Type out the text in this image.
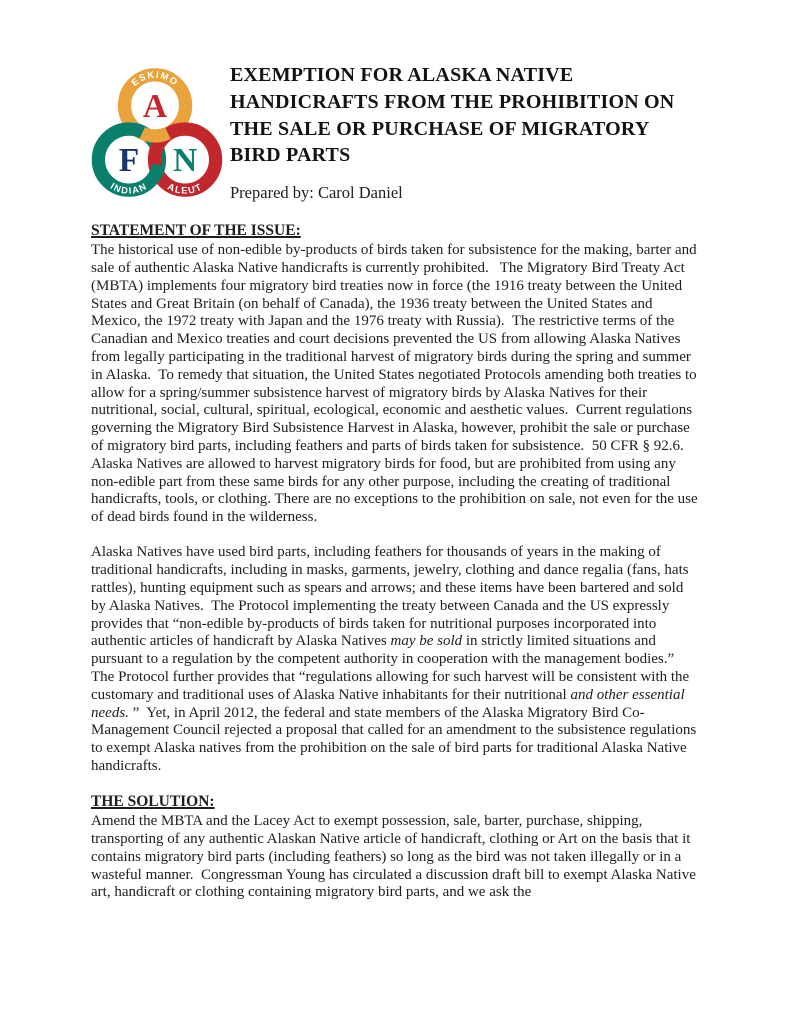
ESKIMO
INDIAN ALEUT
A
F N
EXEMPTION FOR ALASKA NATIVE
HANDICRAFTS FROM THE PROHIBITION ON
THE SALE OR PURCHASE OF MIGRATORY
BIRD PARTS
Prepared by: Carol Daniel
STATEMENT OF THE ISSUE:

The historical use of non-edible by-products of birds taken for subsistence for the making, barter and sale of authentic Alaska Native handicrafts is currently prohibited.   The Migratory Bird Treaty Act (MBTA) implements four migratory bird treaties now in force (the 1916 treaty between the United States and Great Britain (on behalf of Canada), the 1936 treaty between the United States and Mexico, the 1972 treaty with Japan and the 1976 treaty with Russia).  The restrictive terms of the Canadian and Mexico treaties and court decisions prevented the US from allowing Alaska Natives from legally participating in the traditional harvest of migratory birds during the spring and summer in Alaska.  To remedy that situation, the United States negotiated Protocols amending both treaties to allow for a spring/summer subsistence harvest of migratory birds by Alaska Natives for their nutritional, social, cultural, spiritual, ecological, economic and aesthetic values.  Current regulations governing the Migratory Bird Subsistence Harvest in Alaska, however, prohibit the sale or purchase of migratory bird parts, including feathers and parts of birds taken for subsistence.  50 CFR § 92.6.  Alaska Natives are allowed to harvest migratory birds for food, but are prohibited from using any non-edible part from these same birds for any other purpose, including the creating of traditional handicrafts, tools, or clothing. There are no exceptions to the prohibition on sale, not even for the use of dead birds found in the wilderness.

Alaska Natives have used bird parts, including feathers for thousands of years in the making of traditional handicrafts, including in masks, garments, jewelry, clothing and dance regalia (fans, hats rattles), hunting equipment such as spears and arrows; and these items have been bartered and sold by Alaska Natives.  The Protocol implementing the treaty between Canada and the US expressly provides that “non-edible by-products of birds taken for nutritional purposes incorporated into authentic articles of handicraft by Alaska Natives may be sold in strictly limited situations and pursuant to a regulation by the competent authority in cooperation with the management bodies.”  The Protocol further provides that “regulations allowing for such harvest will be consistent with the customary and traditional uses of Alaska Native inhabitants for their nutritional and other essential needs. ”  Yet, in April 2012, the federal and state members of the Alaska Migratory Bird Co-Management Council rejected a proposal that called for an amendment to the subsistence regulations to exempt Alaska natives from the prohibition on the sale of bird parts for traditional Alaska Native handicrafts.

THE SOLUTION:

Amend the MBTA and the Lacey Act to exempt possession, sale, barter, purchase, shipping, transporting of any authentic Alaskan Native article of handicraft, clothing or Art on the basis that it contains migratory bird parts (including feathers) so long as the bird was not taken illegally or in a wasteful manner.  Congressman Young has circulated a discussion draft bill to exempt Alaska Native art, handicraft or clothing containing migratory bird parts, and we ask the
